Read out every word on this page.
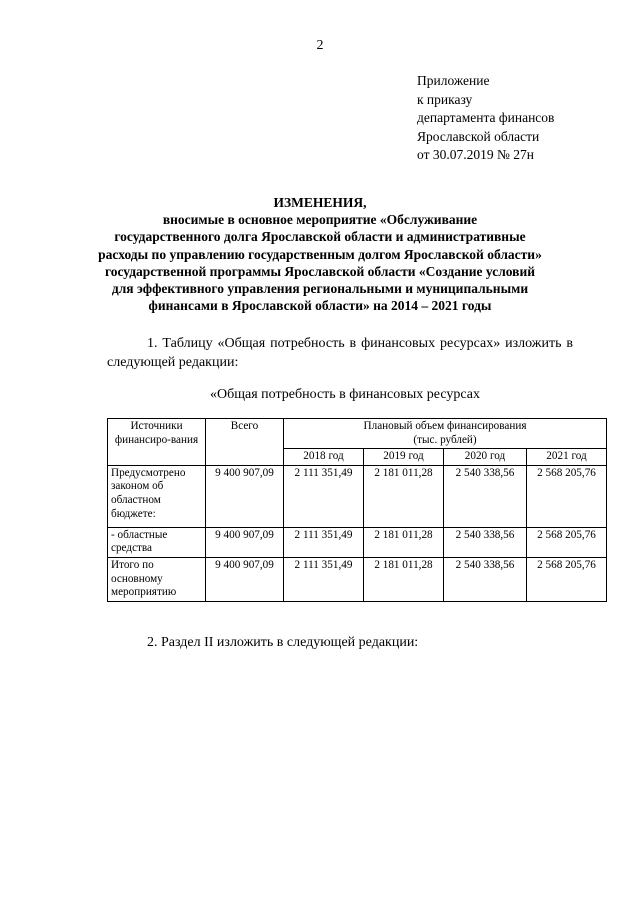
2
Приложение
к приказу
департамента финансов
Ярославской области
от 30.07.2019 № 27н
ИЗМЕНЕНИЯ,
вносимые в основное мероприятие «Обслуживание
государственного долга Ярославской области и административные
расходы по управлению государственным долгом Ярославской области»
государственной программы Ярославской области «Создание условий
для эффективного управления региональными и муниципальными
финансами в Ярославской области» на 2014 – 2021 годы
1. Таблицу «Общая потребность в финансовых ресурсах» изложить в следующей редакции:
«Общая потребность в финансовых ресурсах
Источники финансиро-вания	Всего	Плановый объем финансирования
(тыс. рублей)			

		2018 год	2019 год	2020 год	2021 год
Предусмотрено законом об областном бюджете:	9 400 907,09	2 111 351,49	2 181 011,28	2 540 338,56	2 568 205,76
- областные средства	9 400 907,09	2 111 351,49	2 181 011,28	2 540 338,56	2 568 205,76
Итого по основному мероприятию	9 400 907,09	2 111 351,49	2 181 011,28	2 540 338,56	2 568 205,76
2. Раздел II изложить в следующей редакции:
